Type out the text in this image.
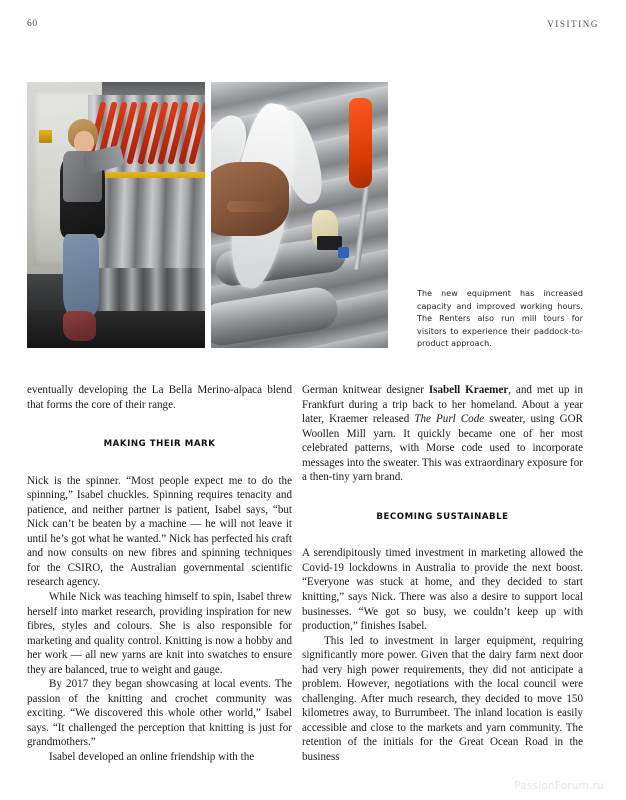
60	VISITING
The new equipment has increased capacity and improved working hours. The Renters also run mill tours for visitors to experience their paddock-to-product approach.

eventually developing the La Bella Merino-alpaca blend that forms the core of their range.

MAKING THEIR MARK

Nick is the spinner. “Most people expect me to do the spinning,” Isabel chuckles. Spinning requires tenacity and patience, and neither partner is patient, Isabel says, “but Nick can’t be beaten by a machine — he will not leave it until he’s got what he wanted.” Nick has perfected his craft and now consults on new fibres and spinning techniques for the CSIRO, the Australian governmental scientific research agency.

While Nick was teaching himself to spin, Isabel threw herself into market research, providing inspiration for new fibres, styles and colours. She is also responsible for marketing and quality control. Knitting is now a hobby and her work — all new yarns are knit into swatches to ensure they are balanced, true to weight and gauge.

By 2017 they began showcasing at local events. The passion of the knitting and crochet community was exciting. “We discovered this whole other world,” Isabel says. “It challenged the perception that knitting is just for grandmothers.”

Isabel developed an online friendship with the

German knitwear designer Isabell Kraemer, and met up in Frankfurt during a trip back to her homeland. About a year later, Kraemer released The Purl Code sweater, using GOR Woollen Mill yarn. It quickly became one of her most celebrated patterns, with Morse code used to incorporate messages into the sweater. This was extraordinary exposure for a then-tiny yarn brand.

BECOMING SUSTAINABLE

A serendipitously timed investment in marketing allowed the Covid-19 lockdowns in Australia to provide the next boost. “Everyone was stuck at home, and they decided to start knitting,” says Nick. There was also a desire to support local businesses. “We got so busy, we couldn’t keep up with production,” finishes Isabel.

This led to investment in larger equipment, requiring significantly more power. Given that the dairy farm next door had very high power requirements, they did not anticipate a problem. However, negotiations with the local council were challenging. After much research, they decided to move 150 kilometres away, to Burrumbeet. The inland location is easily accessible and close to the markets and yarn community. The retention of the initials for the Great Ocean Road in the business

PassionForum.ru
